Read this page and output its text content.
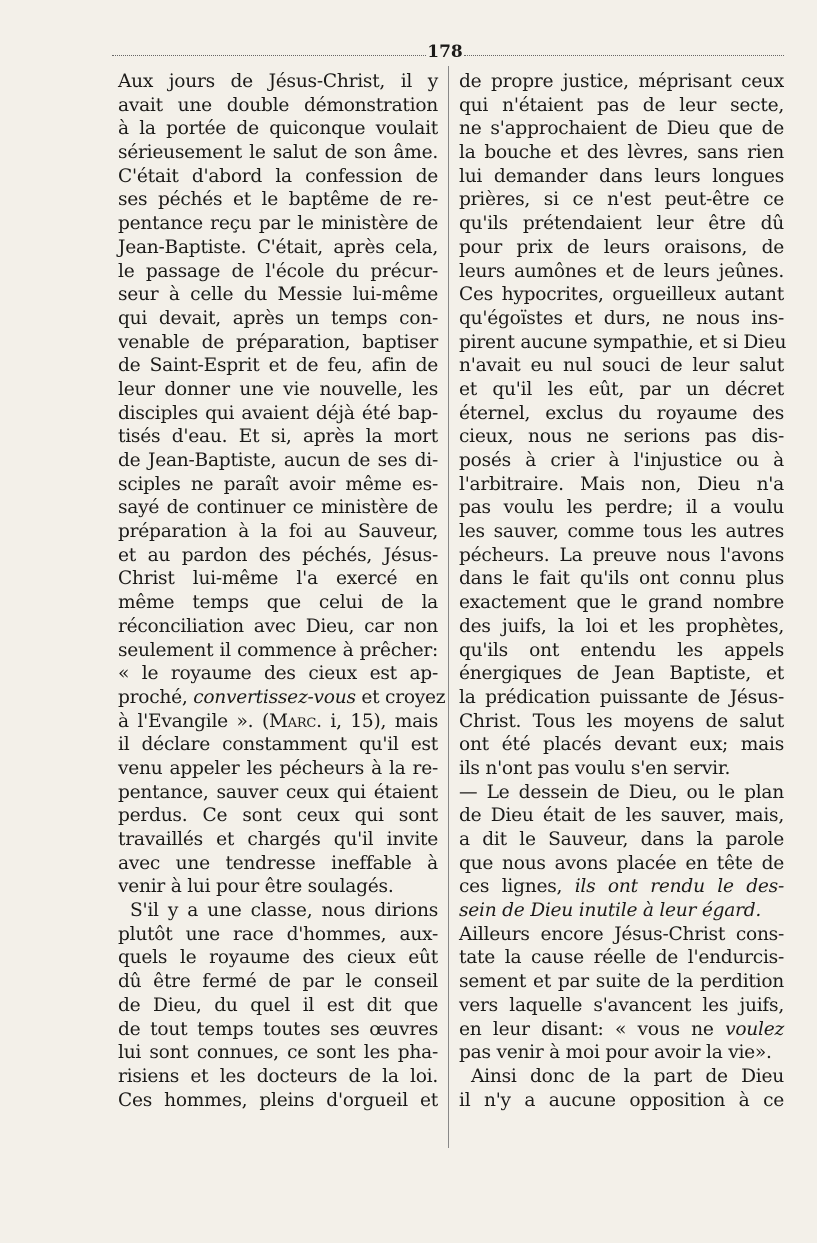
178
Aux jours de Jésus-Christ, il y
avait une double démonstration
à la portée de quiconque voulait
sérieusement le salut de son âme.
C'était d'abord la confession de
ses péchés et le baptême de re-
pentance reçu par le ministère de
Jean-Baptiste. C'était, après cela,
le passage de l'école du précur-
seur à celle du Messie lui-même
qui devait, après un temps con-
venable de préparation, baptiser
de Saint-Esprit et de feu, afin de
leur donner une vie nouvelle, les
disciples qui avaient déjà été bap-
tisés d'eau. Et si, après la mort
de Jean-Baptiste, aucun de ses di-
sciples ne paraît avoir même es-
sayé de continuer ce ministère de
préparation à la foi au Sauveur,
et au pardon des péchés, Jésus-
Christ lui-même l'a exercé en
même temps que celui de la
réconciliation avec Dieu, car non
seulement il commence à prêcher:
« le royaume des cieux est ap-
proché, convertissez-vous et croyez
à l'Evangile ». (Marc. i, 15), mais
il déclare constamment qu'il est
venu appeler les pécheurs à la re-
pentance, sauver ceux qui étaient
perdus. Ce sont ceux qui sont
travaillés et chargés qu'il invite
avec une tendresse ineffable à
venir à lui pour être soulagés.
S'il y a une classe, nous dirions
plutôt une race d'hommes, aux-
quels le royaume des cieux eût
dû être fermé de par le conseil
de Dieu, du quel il est dit que
de tout temps toutes ses œuvres
lui sont connues, ce sont les pha-
risiens et les docteurs de la loi.
Ces hommes, pleins d'orgueil et
de propre justice, méprisant ceux
qui n'étaient pas de leur secte,
ne s'approchaient de Dieu que de
la bouche et des lèvres, sans rien
lui demander dans leurs longues
prières, si ce n'est peut-être ce
qu'ils prétendaient leur être dû
pour prix de leurs oraisons, de
leurs aumônes et de leurs jeûnes.
Ces hypocrites, orgueilleux autant
qu'égoïstes et durs, ne nous ins-
pirent aucune sympathie, et si Dieu
n'avait eu nul souci de leur salut
et qu'il les eût, par un décret
éternel, exclus du royaume des
cieux, nous ne serions pas dis-
posés à crier à l'injustice ou à
l'arbitraire. Mais non, Dieu n'a
pas voulu les perdre; il a voulu
les sauver, comme tous les autres
pécheurs. La preuve nous l'avons
dans le fait qu'ils ont connu plus
exactement que le grand nombre
des juifs, la loi et les prophètes,
qu'ils ont entendu les appels
énergiques de Jean Baptiste, et
la prédication puissante de Jésus-
Christ. Tous les moyens de salut
ont été placés devant eux; mais
ils n'ont pas voulu s'en servir.
— Le dessein de Dieu, ou le plan
de Dieu était de les sauver, mais,
a dit le Sauveur, dans la parole
que nous avons placée en tête de
ces lignes, ils ont rendu le des-
sein de Dieu inutile à leur égard.
Ailleurs encore Jésus-Christ cons-
tate la cause réelle de l'endurcis-
sement et par suite de la perdition
vers laquelle s'avancent les juifs,
en leur disant: « vous ne voulez
pas venir à moi pour avoir la vie».
Ainsi donc de la part de Dieu
il n'y a aucune opposition à ce
